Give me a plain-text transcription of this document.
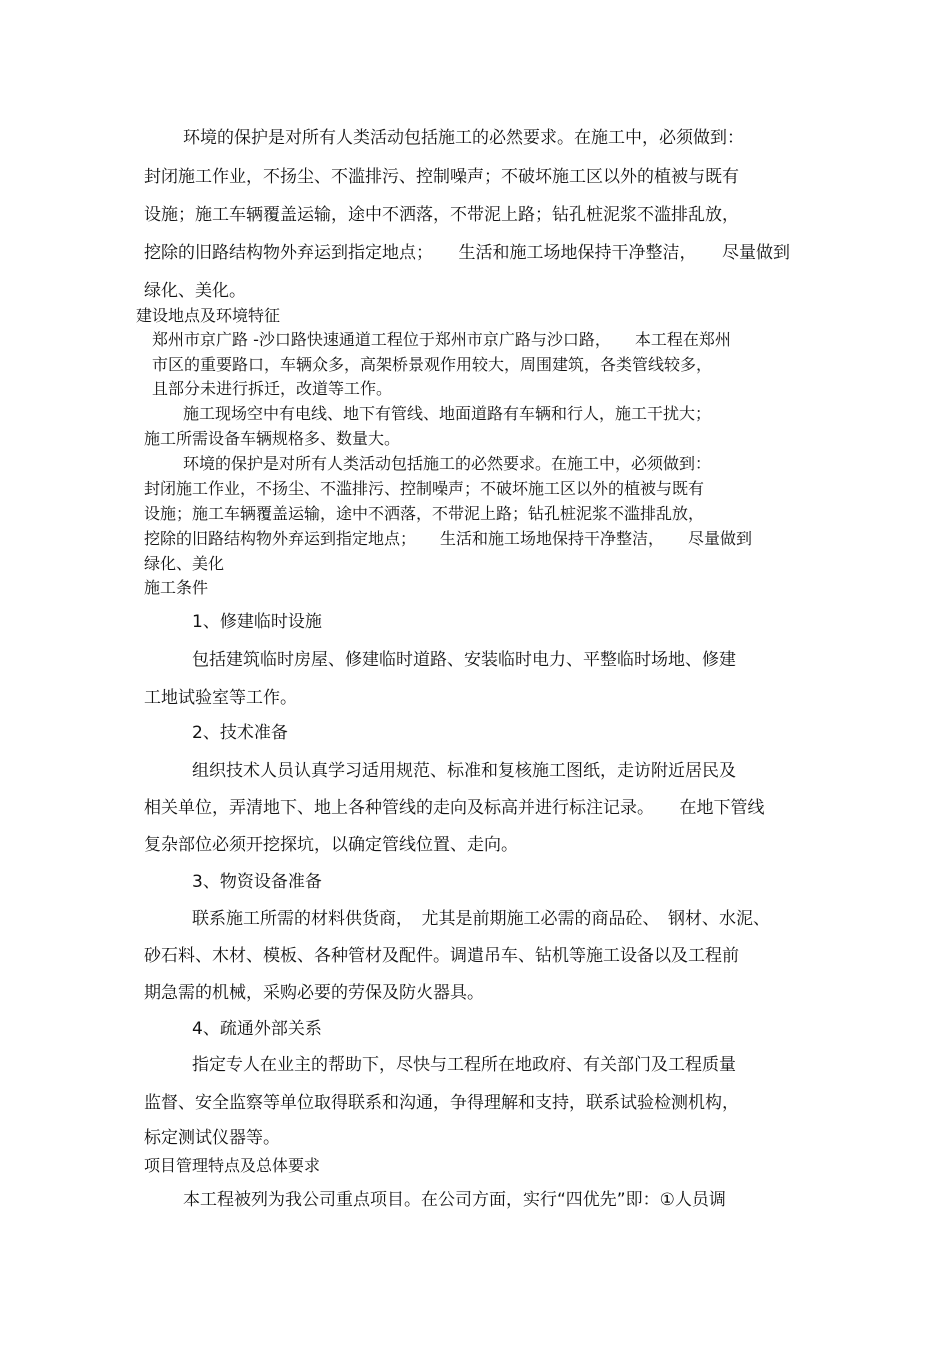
环境的保护是对所有人类活动包括施工的必然要求。在施工中，必须做到：
封闭施工作业，不扬尘、不滥排污、控制噪声；不破坏施工区以外的植被与既有
设施；施工车辆覆盖运输，途中不洒落，不带泥上路；钻孔桩泥浆不滥排乱放，
挖除的旧路结构物外弃运到指定地点；　　生活和施工场地保持干净整洁，　　尽量做到
绿化、美化。
建设地点及环境特征
郑州市京广路 -沙口路快速通道工程位于郑州市京广路与沙口路，　　本工程在郑州
市区的重要路口，车辆众多，高架桥景观作用较大，周围建筑，各类管线较多，
且部分未进行拆迁，改道等工作。
施工现场空中有电线、地下有管线、地面道路有车辆和行人，施工干扰大；
施工所需设备车辆规格多、数量大。
环境的保护是对所有人类活动包括施工的必然要求。在施工中，必须做到：
封闭施工作业，不扬尘、不滥排污、控制噪声；不破坏施工区以外的植被与既有
设施；施工车辆覆盖运输，途中不洒落，不带泥上路；钻孔桩泥浆不滥排乱放，
挖除的旧路结构物外弃运到指定地点；　　生活和施工场地保持干净整洁，　　尽量做到
绿化、美化
施工条件
1、修建临时设施
包括建筑临时房屋、修建临时道路、安装临时电力、平整临时场地、修建
工地试验室等工作。
2、技术准备
组织技术人员认真学习适用规范、标准和复核施工图纸，走访附近居民及
相关单位，弄清地下、地上各种管线的走向及标高并进行标注记录。　　在地下管线
复杂部位必须开挖探坑，以确定管线位置、走向。
3、物资设备准备
联系施工所需的材料供货商，　尤其是前期施工必需的商品砼、　钢材、水泥、
砂石料、木材、模板、各种管材及配件。调遣吊车、钻机等施工设备以及工程前
期急需的机械，采购必要的劳保及防火器具。
4、疏通外部关系
指定专人在业主的帮助下，尽快与工程所在地政府、有关部门及工程质量
监督、安全监察等单位取得联系和沟通，争得理解和支持，联系试验检测机构，
标定测试仪器等。
项目管理特点及总体要求
本工程被列为我公司重点项目。在公司方面，实行“四优先”即：①人员调
